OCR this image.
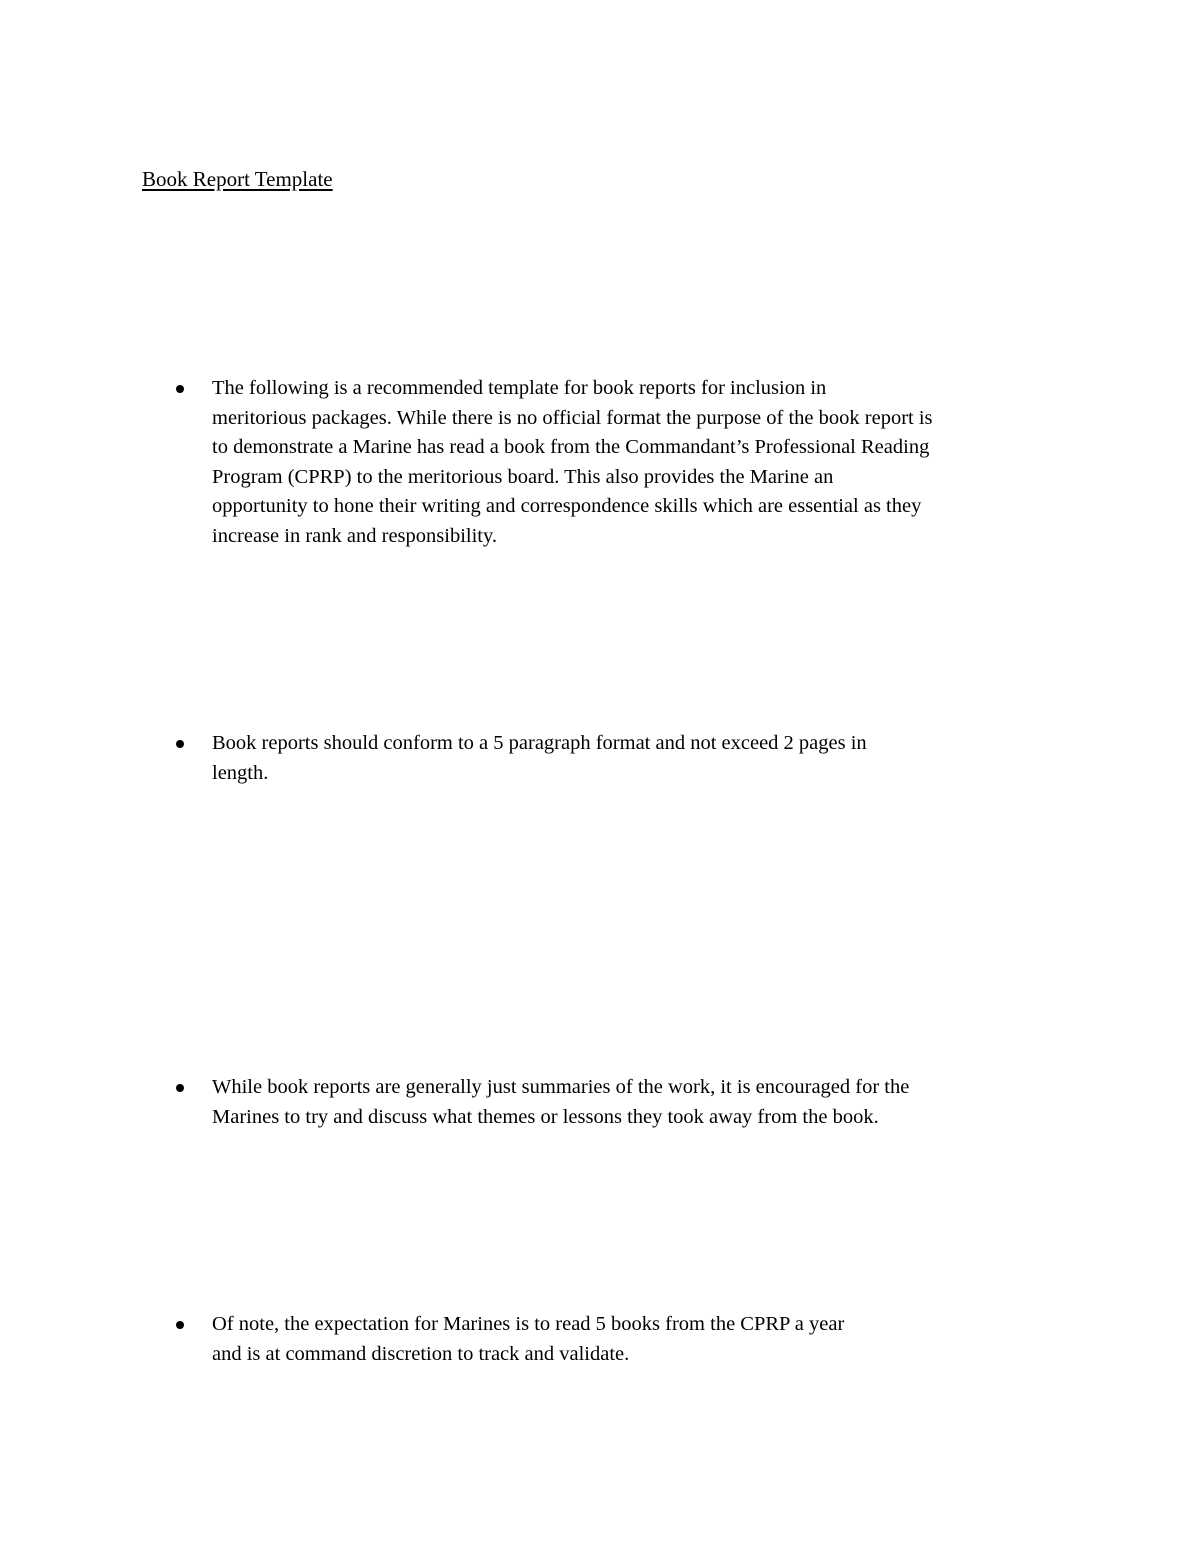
Book Report Template
The following is a recommended template for book reports for inclusion in
meritorious packages. While there is no official format the purpose of the book report is
to demonstrate a Marine has read a book from the Commandant’s Professional Reading
Program (CPRP) to the meritorious board. This also provides the Marine an
opportunity to hone their writing and correspondence skills which are essential as they
increase in rank and responsibility.
Book reports should conform to a 5 paragraph format and not exceed 2 pages in
length.
While book reports are generally just summaries of the work, it is encouraged for the
Marines to try and discuss what themes or lessons they took away from the book.
Of note, the expectation for Marines is to read 5 books from the CPRP a year
and is at command discretion to track and validate.
